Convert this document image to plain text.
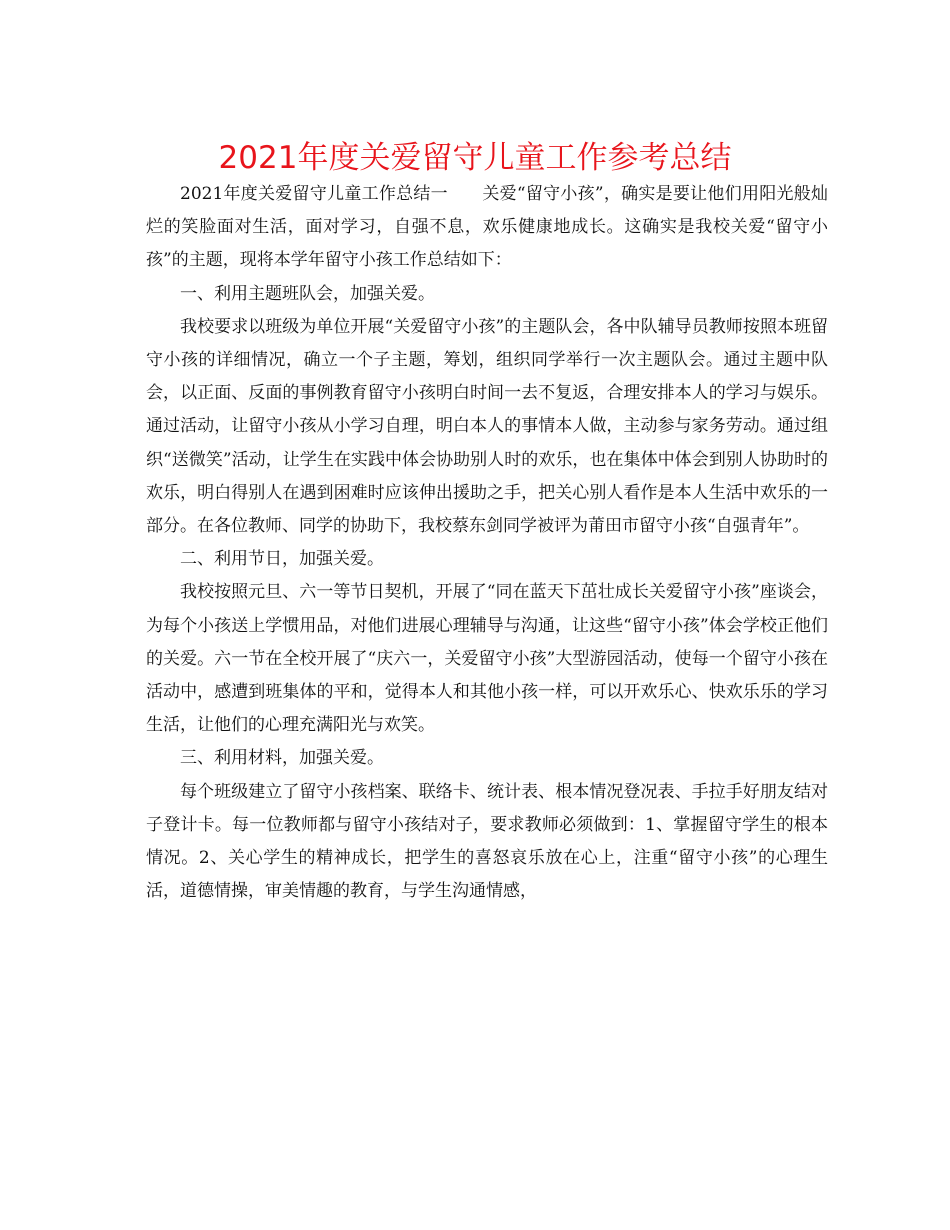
2021年度关爱留守儿童工作参考总结

2021年度关爱留守儿童工作总结一　　关爱“留守小孩”，确实是要让他们用阳光般灿烂的笑脸面对生活，面对学习，自强不息，欢乐健康地成长。这确实是我校关爱“留守小孩”的主题，现将本学年留守小孩工作总结如下：

一、利用主题班队会，加强关爱。

我校要求以班级为单位开展“关爱留守小孩”的主题队会，各中队辅导员教师按照本班留守小孩的详细情况，确立一个子主题，筹划，组织同学举行一次主题队会。通过主题中队会，以正面、反面的事例教育留守小孩明白时间一去不复返，合理安排本人的学习与娱乐。通过活动，让留守小孩从小学习自理，明白本人的事情本人做，主动参与家务劳动。通过组织“送微笑”活动，让学生在实践中体会协助别人时的欢乐，也在集体中体会到别人协助时的欢乐，明白得别人在遇到困难时应该伸出援助之手，把关心别人看作是本人生活中欢乐的一部分。在各位教师、同学的协助下，我校蔡东剑同学被评为莆田市留守小孩“自强青年”。

二、利用节日，加强关爱。

我校按照元旦、六一等节日契机，开展了“同在蓝天下茁壮成长关爱留守小孩”座谈会，为每个小孩送上学惯用品，对他们进展心理辅导与沟通，让这些“留守小孩”体会学校正他们的关爱。六一节在全校开展了“庆六一，关爱留守小孩”大型游园活动，使每一个留守小孩在活动中，感遭到班集体的平和，觉得本人和其他小孩一样，可以开欢乐心、快欢乐乐的学习生活，让他们的心理充满阳光与欢笑。

三、利用材料，加强关爱。

每个班级建立了留守小孩档案、联络卡、统计表、根本情况登况表、手拉手好朋友结对子登计卡。每一位教师都与留守小孩结对子，要求教师必须做到：1、掌握留守学生的根本情况。2、关心学生的精神成长，把学生的喜怒哀乐放在心上，注重“留守小孩”的心理生活，道德情操，审美情趣的教育，与学生沟通情感，
